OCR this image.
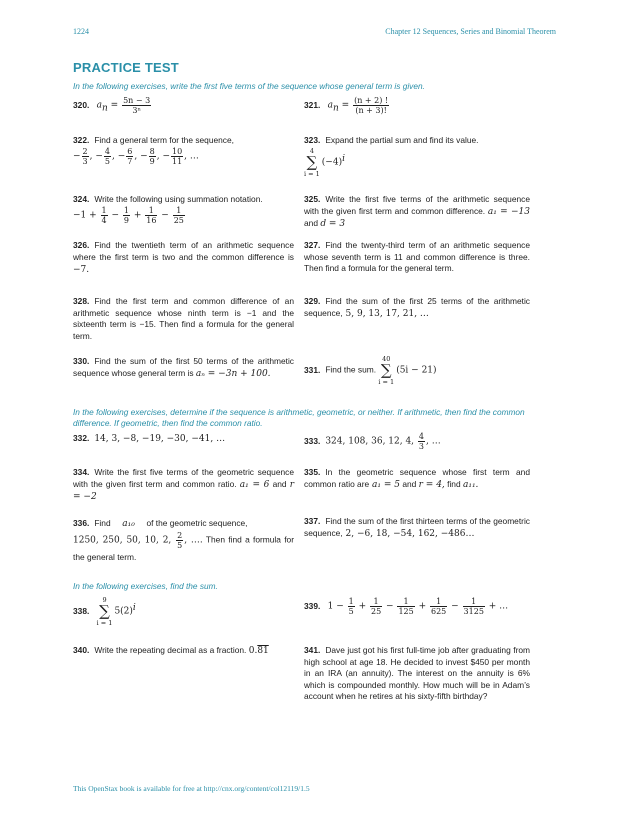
1224	Chapter 12 Sequences, Series and Binomial Theorem
PRACTICE TEST
In the following exercises, write the first five terms of the sequence whose general term is given.
320. $a_n = \frac{5n - 3}{\text{3ⁿ}}$	321. $a_n = \frac{(n + 2) !}{(n + 3)!}$
322. Find a general term for the sequence,
− $\frac{2}{3}$ , − $\frac{4}{5}$ , − $\frac{6}{7}$ , − $\frac{8}{9}$ , − $\frac{10}{11}$ , …
323. Expand the partial sum and find its value.

4
∑
i = 1
$(-4)^i$
324. Write the following using summation notation.
$-1 + \frac{1}{4} - \frac{1}{9} + \frac{1}{16} - \frac{1}{25}$
325. Write the first five terms of the arithmetic sequence with the given first term and common difference. a₁ = −13 and d = 3
326. Find the twentieth term of an arithmetic sequence where the first term is two and the common difference is −7.
327. Find the twenty-third term of an arithmetic sequence whose seventh term is 11 and common difference is three. Then find a formula for the general term.
328. Find the first term and common difference of an arithmetic sequence whose ninth term is −1 and the sixteenth term is −15. Then find a formula for the general term.
329. Find the sum of the first 25 terms of the arithmetic sequence, 5, 9, 13, 17, 21, …
330. Find the sum of the first 50 terms of the arithmetic sequence whose general term is aₙ = −3n + 100.	331. Find the sum.
40
∑
i = 1
(5i − 21)
In the following exercises, determine if the sequence is arithmetic, geometric, or neither. If arithmetic, then find the common difference. If geometric, then find the common ratio.
332. 14, 3, −8, −19, −30, −41, …	333. 324, 108, 36, 12, 4, $\frac{4}{3}$ , …
334. Write the first five terms of the geometric sequence with the given first term and common ratio. a₁ = 6 and r = −2
335. In the geometric sequence whose first term and common ratio are a₁ = 5 and r = 4, find a₁₁.
336. Find a₁₀ of the geometric sequence,
1250, 250, 50, 10, 2, $\frac{2}{5}$ , …. Then find a formula for the general term.
337. Find the sum of the first thirteen terms of the geometric sequence, 2, −6, 18, −54, 162, −486…
In the following exercises, find the sum.
338.
9
∑
i = 1
$5(2)^i$	339. $1 - \frac{1}{5} + \frac{1}{25} - \frac{1}{125} + \frac{1}{625} - \frac{1}{3125}$ + …
340. Write the repeating decimal as a fraction. 0.81	341. Dave just got his first full-time job after graduating from high school at age 18. He decided to invest $450 per month in an IRA (an annuity). The interest on the annuity is 6% which is compounded monthly. How much will be in Adam’s account when he retires at his sixty-fifth birthday?
This OpenStax book is available for free at http://cnx.org/content/col12119/1.5
